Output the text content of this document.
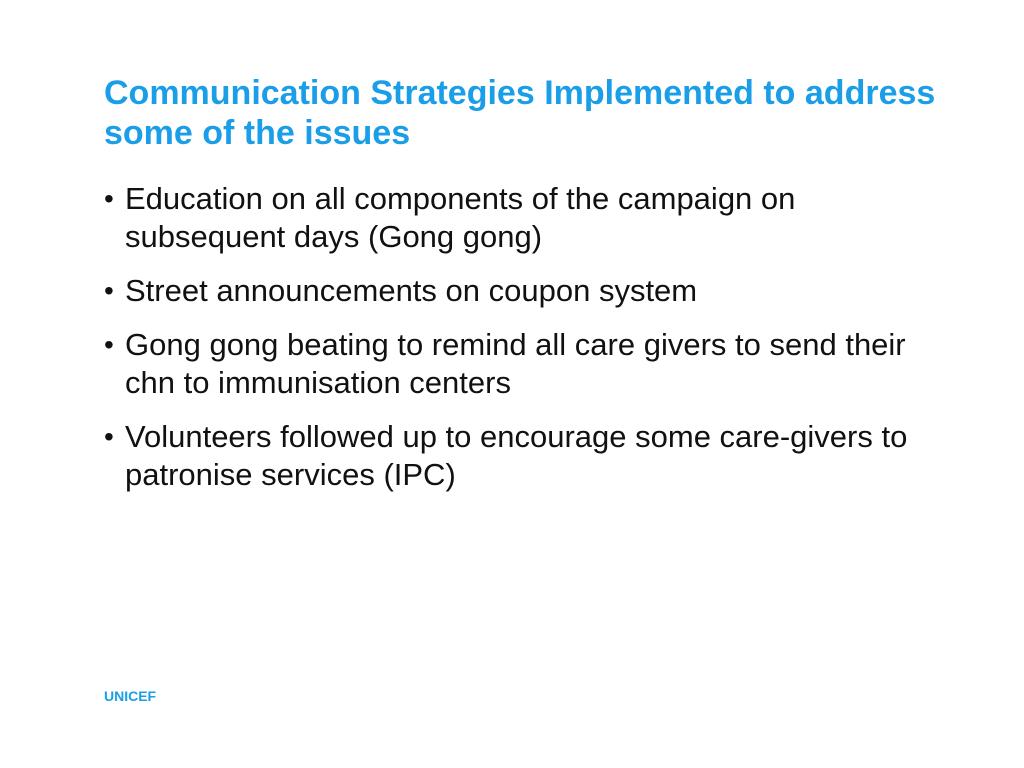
Communication Strategies Implemented to address some of the issues
• Education on all components of the campaign on subsequent days (Gong gong)
• Street announcements on coupon system
• Gong gong beating to remind all care givers to send their chn to immunisation centers
• Volunteers followed up to encourage some care-givers to patronise services (IPC)
UNICEF
